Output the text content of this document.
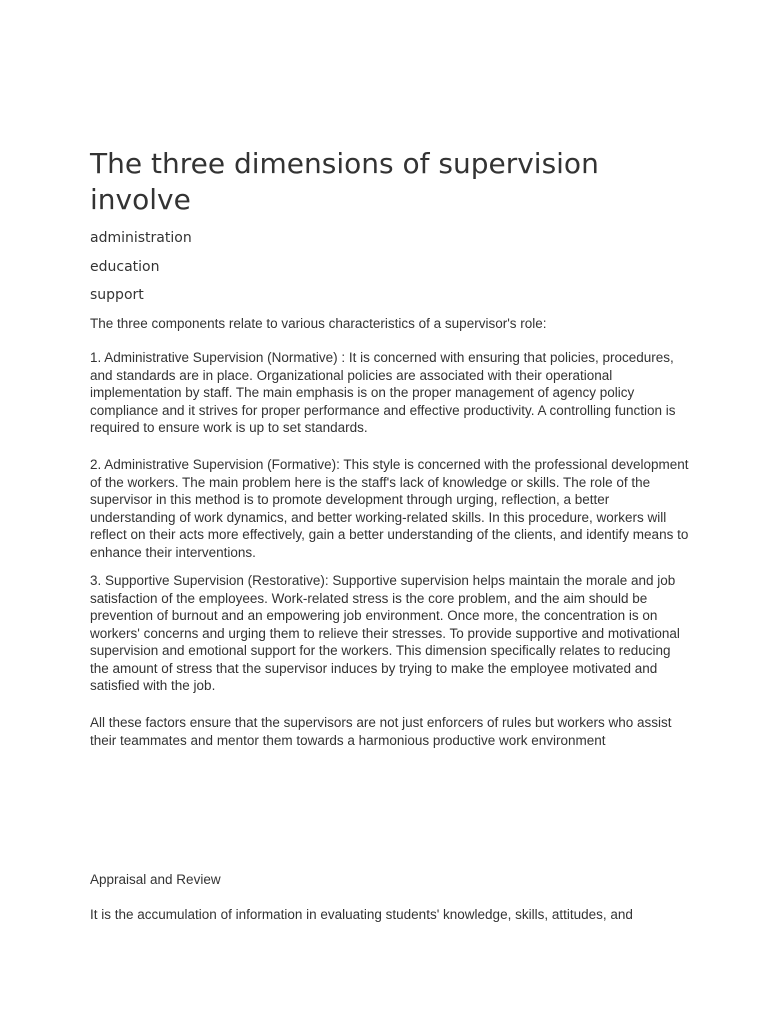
The three dimensions of supervision involve

administration

education

support

The three components relate to various characteristics of a supervisor's role:

1. Administrative Supervision (Normative) : It is concerned with ensuring that policies, procedures, and standards are in place. Organizational policies are associated with their operational implementation by staff. The main emphasis is on the proper management of agency policy compliance and it strives for proper performance and effective productivity. A controlling function is required to ensure work is up to set standards.

2. Administrative Supervision (Formative): This style is concerned with the professional development of the workers. The main problem here is the staff's lack of knowledge or skills. The role of the supervisor in this method is to promote development through urging, reflection, a better understanding of work dynamics, and better working-related skills. In this procedure, workers will reflect on their acts more effectively, gain a better understanding of the clients, and identify means to enhance their interventions.

3. Supportive Supervision (Restorative): Supportive supervision helps maintain the morale and job satisfaction of the employees. Work-related stress is the core problem, and the aim should be prevention of burnout and an empowering job environment. Once more, the concentration is on workers' concerns and urging them to relieve their stresses. To provide supportive and motivational supervision and emotional support for the workers. This dimension specifically relates to reducing the amount of stress that the supervisor induces by trying to make the employee motivated and satisfied with the job.

All these factors ensure that the supervisors are not just enforcers of rules but workers who assist their teammates and mentor them towards a harmonious productive work environment

Appraisal and Review

It is the accumulation of information in evaluating students' knowledge, skills, attitudes, and
